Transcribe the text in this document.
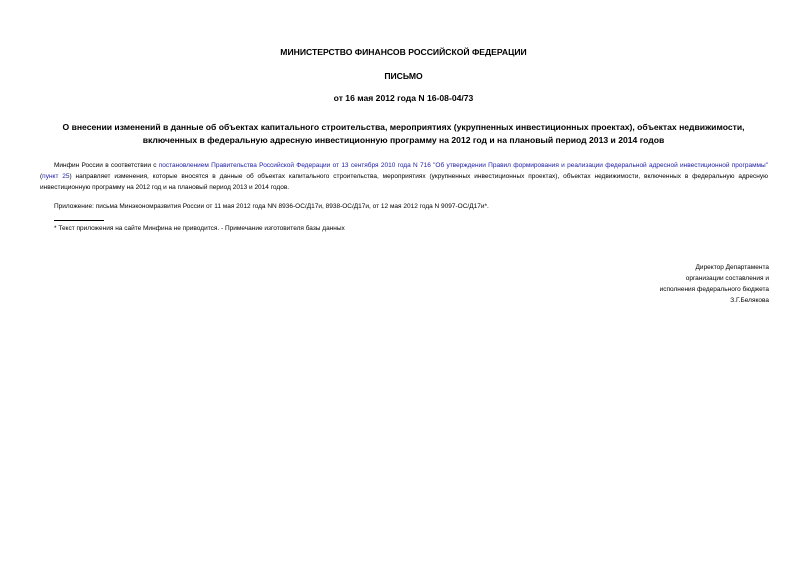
МИНИСТЕРСТВО ФИНАНСОВ РОССИЙСКОЙ ФЕДЕРАЦИИ
ПИСЬМО
от 16 мая 2012 года N 16-08-04/73
О внесении изменений в данные об объектах капитального строительства, мероприятиях (укрупненных инвестиционных проектах), объектах недвижимости, включенных в федеральную адресную инвестиционную программу на 2012 год и на плановый период 2013 и 2014 годов
Минфин России в соответствии с постановлением Правительства Российской Федерации от 13 сентября 2010 года N 716 "Об утверждении Правил формирования и реализации федеральной адресной инвестиционной программы" (пункт 25) направляет изменения, которые вносятся в данные об объектах капитального строительства, мероприятиях (укрупненных инвестиционных проектах), объектах недвижимости, включенных в федеральную адресную инвестиционную программу на 2012 год и на плановый период 2013 и 2014 годов.
Приложение: письма Минэкономразвития России от 11 мая 2012 года NN 8936-ОС/Д17и, 8938-ОС/Д17и, от 12 мая 2012 года N 9097-ОС/Д17и*.
* Текст приложения на сайте Минфина не приводится. - Примечание изготовителя базы данных
Директор Департамента
организации составления и
исполнения федерального бюджета
З.Г.Белякова
